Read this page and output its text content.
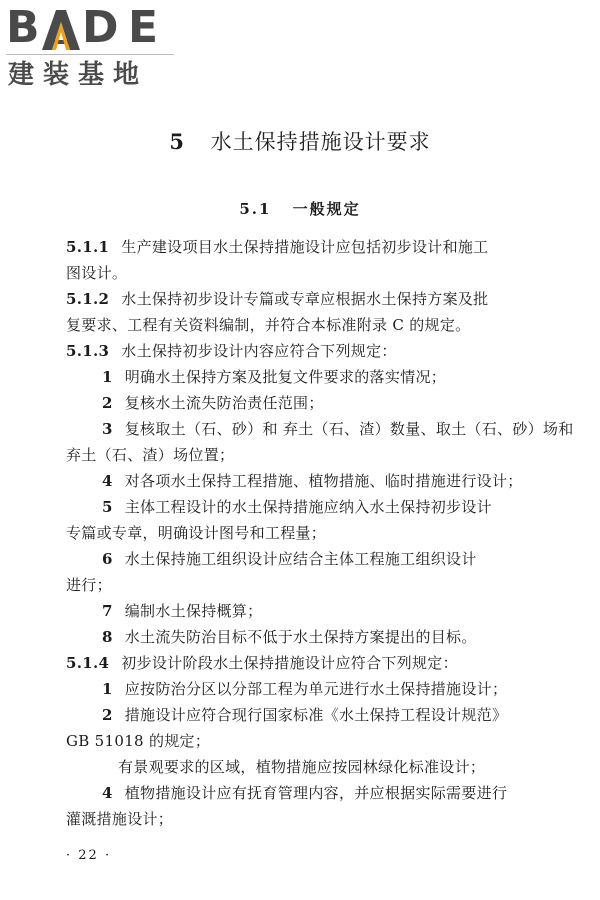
B D E
建装基地
5 水土保持措施设计要求
5.1 一般规定
5.1.1 生产建设项目水土保持措施设计应包括初步设计和施工
图设计。
5.1.2 水土保持初步设计专篇或专章应根据水土保持方案及批
复要求、工程有关资料编制，并符合本标准附录 C 的规定。
5.1.3 水土保持初步设计内容应符合下列规定：
1 明确水土保持方案及批复文件要求的落实情况；
2 复核水土流失防治责任范围；
3 复核取土（石、砂）和 弃土（石、渣）数量、取土（石、砂）场和
弃土（石、渣）场位置；
4 对各项水土保持工程措施、植物措施、临时措施进行设计；
5 主体工程设计的水土保持措施应纳入水土保持初步设计
专篇或专章，明确设计图号和工程量；
6 水土保持施工组织设计应结合主体工程施工组织设计
进行；
7 编制水土保持概算；
8 水土流失防治目标不低于水土保持方案提出的目标。
5.1.4 初步设计阶段水土保持措施设计应符合下列规定：
1 应按防治分区以分部工程为单元进行水土保持措施设计；
2 措施设计应符合现行国家标准《水土保持工程设计规范》
GB 51018 的规定；
有景观要求的区域，植物措施应按园林绿化标准设计；
4 植物措施设计应有抚育管理内容，并应根据实际需要进行
灌溉措施设计；
· 22 ·
